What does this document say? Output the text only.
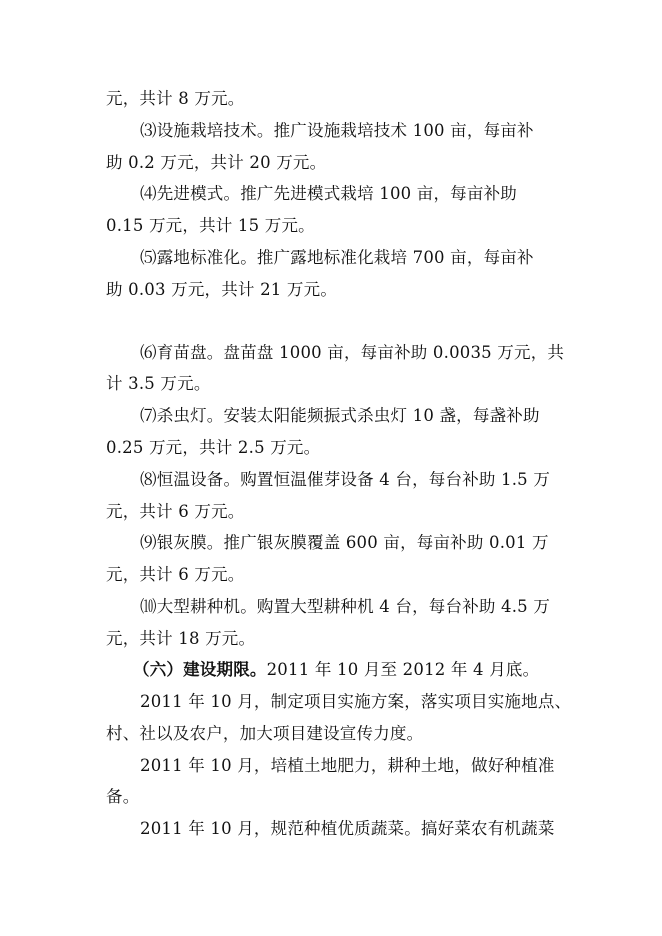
元，共计 8 万元。
⑶设施栽培技术。推广设施栽培技术 100 亩，每亩补
助 0.2 万元，共计 20 万元。
⑷先进模式。推广先进模式栽培 100 亩，每亩补助
0.15 万元，共计 15 万元。
⑸露地标准化。推广露地标准化栽培 700 亩，每亩补
助 0.03 万元，共计 21 万元。
⑹育苗盘。盘苗盘 1000 亩，每亩补助 0.0035 万元，共
计 3.5 万元。
⑺杀虫灯。安装太阳能频振式杀虫灯 10 盏，每盏补助
0.25 万元，共计 2.5 万元。
⑻恒温设备。购置恒温催芽设备 4 台，每台补助 1.5 万
元，共计 6 万元。
⑼银灰膜。推广银灰膜覆盖 600 亩，每亩补助 0.01 万
元，共计 6 万元。
⑽大型耕种机。购置大型耕种机 4 台，每台补助 4.5 万
元，共计 18 万元。
（六）建设期限。2011 年 10 月至 2012 年 4 月底。
2011 年 10 月，制定项目实施方案，落实项目实施地点、
村、社以及农户，加大项目建设宣传力度。
2011 年 10 月，培植土地肥力，耕种土地，做好种植准
备。
2011 年 10 月，规范种植优质蔬菜。搞好菜农有机蔬菜
